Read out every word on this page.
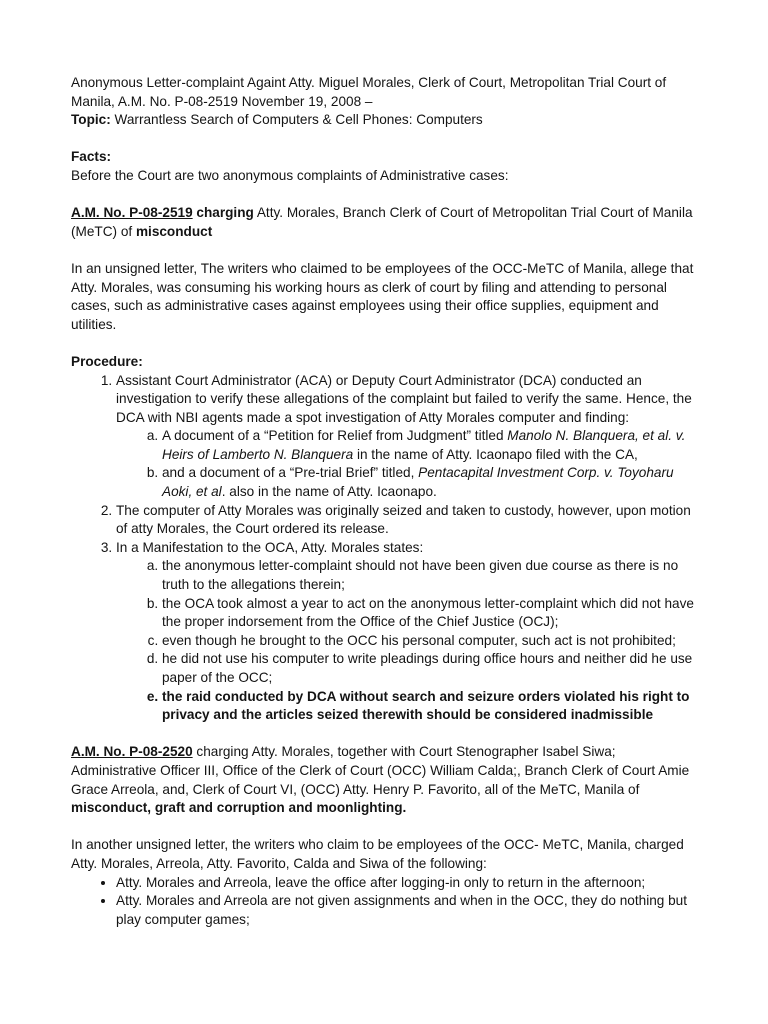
Anonymous Letter-complaint Againt Atty. Miguel Morales, Clerk of Court, Metropolitan Trial Court of Manila, A.M. No. P-08-2519 November 19, 2008 –

Topic: Warrantless Search of Computers & Cell Phones: Computers

Facts:

Before the Court are two anonymous complaints of Administrative cases:

A.M. No. P-08-2519 charging Atty. Morales, Branch Clerk of Court of Metropolitan Trial Court of Manila (MeTC) of misconduct

In an unsigned letter, The writers who claimed to be employees of the OCC-MeTC of Manila, allege that Atty. Morales, was consuming his working hours as clerk of court by filing and attending to personal cases, such as administrative cases against employees using their office supplies, equipment and utilities.

Procedure:

1. Assistant Court Administrator (ACA) or Deputy Court Administrator (DCA) conducted an investigation to verify these allegations of the complaint but failed to verify the same. Hence, the DCA with NBI agents made a spot investigation of Atty Morales computer and finding:
a. A document of a “Petition for Relief from Judgment” titled Manolo N. Blanquera, et al. v. Heirs of Lamberto N. Blanquera in the name of Atty. Icaonapo filed with the CA,
b. and a document of a “Pre-trial Brief” titled, Pentacapital Investment Corp. v. Toyoharu Aoki, et al. also in the name of Atty. Icaonapo.
2. The computer of Atty Morales was originally seized and taken to custody, however, upon motion of atty Morales, the Court ordered its release.
3. In a Manifestation to the OCA, Atty. Morales states:
a. the anonymous letter-complaint should not have been given due course as there is no truth to the allegations therein;
b. the OCA took almost a year to act on the anonymous letter-complaint which did not have the proper indorsement from the Office of the Chief Justice (OCJ);
c. even though he brought to the OCC his personal computer, such act is not prohibited;
d. he did not use his computer to write pleadings during office hours and neither did he use paper of the OCC;
e. the raid conducted by DCA without search and seizure orders violated his right to privacy and the articles seized therewith should be considered inadmissible

A.M. No. P-08-2520 charging Atty. Morales, together with Court Stenographer Isabel Siwa; Administrative Officer III, Office of the Clerk of Court (OCC) William Calda;, Branch Clerk of Court Amie Grace Arreola, and, Clerk of Court VI, (OCC) Atty. Henry P. Favorito, all of the MeTC, Manila of misconduct, graft and corruption and moonlighting.

In another unsigned letter, the writers who claim to be employees of the OCC- MeTC, Manila, charged Atty. Morales, Arreola, Atty. Favorito, Calda and Siwa of the following:

• Atty. Morales and Arreola, leave the office after logging-in only to return in the afternoon;
• Atty. Morales and Arreola are not given assignments and when in the OCC, they do nothing but play computer games;
